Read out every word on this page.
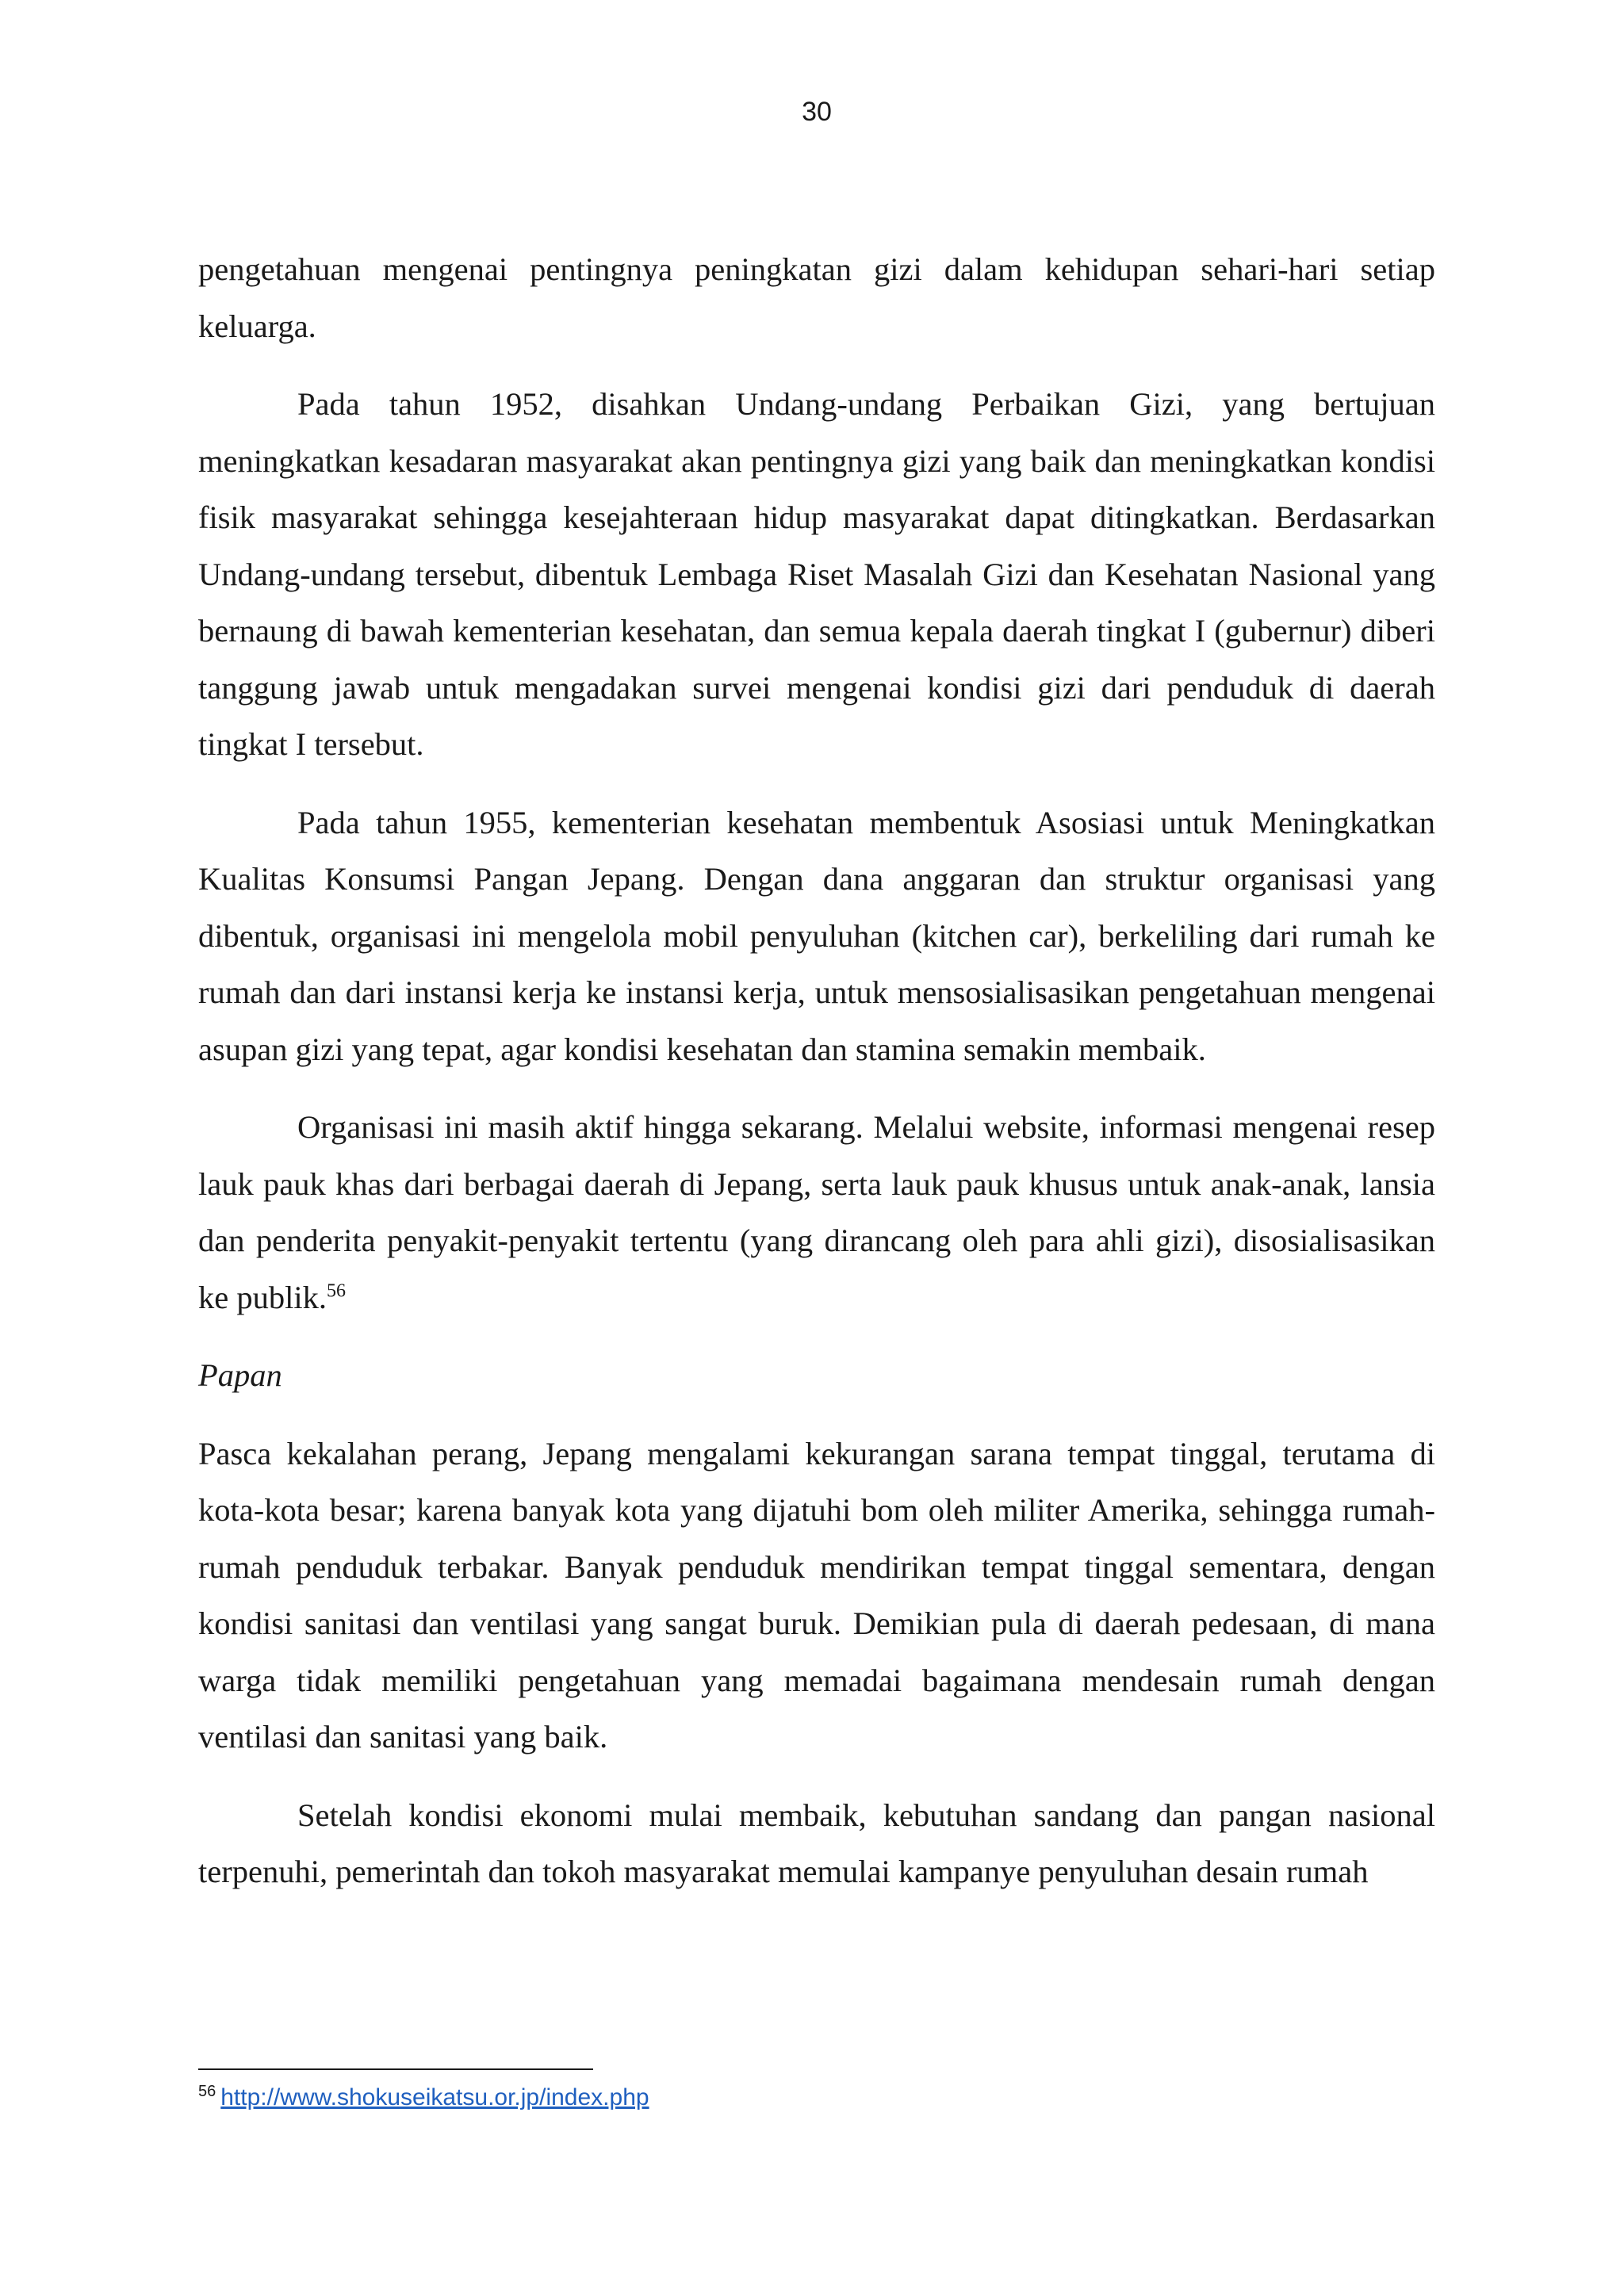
30

pengetahuan mengenai pentingnya peningkatan gizi dalam kehidupan sehari-hari setiap keluarga.

Pada tahun 1952, disahkan Undang-undang Perbaikan Gizi, yang bertujuan meningkatkan kesadaran masyarakat akan pentingnya gizi yang baik dan meningkatkan kondisi fisik masyarakat sehingga kesejahteraan hidup masyarakat dapat ditingkatkan. Berdasarkan Undang-undang tersebut, dibentuk Lembaga Riset Masalah Gizi dan Kesehatan Nasional yang bernaung di bawah kementerian kesehatan, dan semua kepala daerah tingkat I (gubernur) diberi tanggung jawab untuk mengadakan survei mengenai kondisi gizi dari penduduk di daerah tingkat I tersebut.

Pada tahun 1955, kementerian kesehatan membentuk Asosiasi untuk Meningkatkan Kualitas Konsumsi Pangan Jepang. Dengan dana anggaran dan struktur organisasi yang dibentuk, organisasi ini mengelola mobil penyuluhan (kitchen car), berkeliling dari rumah ke rumah dan dari instansi kerja ke instansi kerja, untuk mensosialisasikan pengetahuan mengenai asupan gizi yang tepat, agar kondisi kesehatan dan stamina semakin membaik.

Organisasi ini masih aktif hingga sekarang. Melalui website, informasi mengenai resep lauk pauk khas dari berbagai daerah di Jepang, serta lauk pauk khusus untuk anak-anak, lansia dan penderita penyakit-penyakit tertentu (yang dirancang oleh para ahli gizi), disosialisasikan ke publik.$^{56}$

Papan

Pasca kekalahan perang, Jepang mengalami kekurangan sarana tempat tinggal, terutama di kota-kota besar; karena banyak kota yang dijatuhi bom oleh militer Amerika, sehingga rumah-rumah penduduk terbakar. Banyak penduduk mendirikan tempat tinggal sementara, dengan kondisi sanitasi dan ventilasi yang sangat buruk. Demikian pula di daerah pedesaan, di mana warga tidak memiliki pengetahuan yang memadai bagaimana mendesain rumah dengan ventilasi dan sanitasi yang baik.

Setelah kondisi ekonomi mulai membaik, kebutuhan sandang dan pangan nasional terpenuhi, pemerintah dan tokoh masyarakat memulai kampanye penyuluhan desain rumah

$^{56}$ http://www.shokuseikatsu.or.jp/index.php
